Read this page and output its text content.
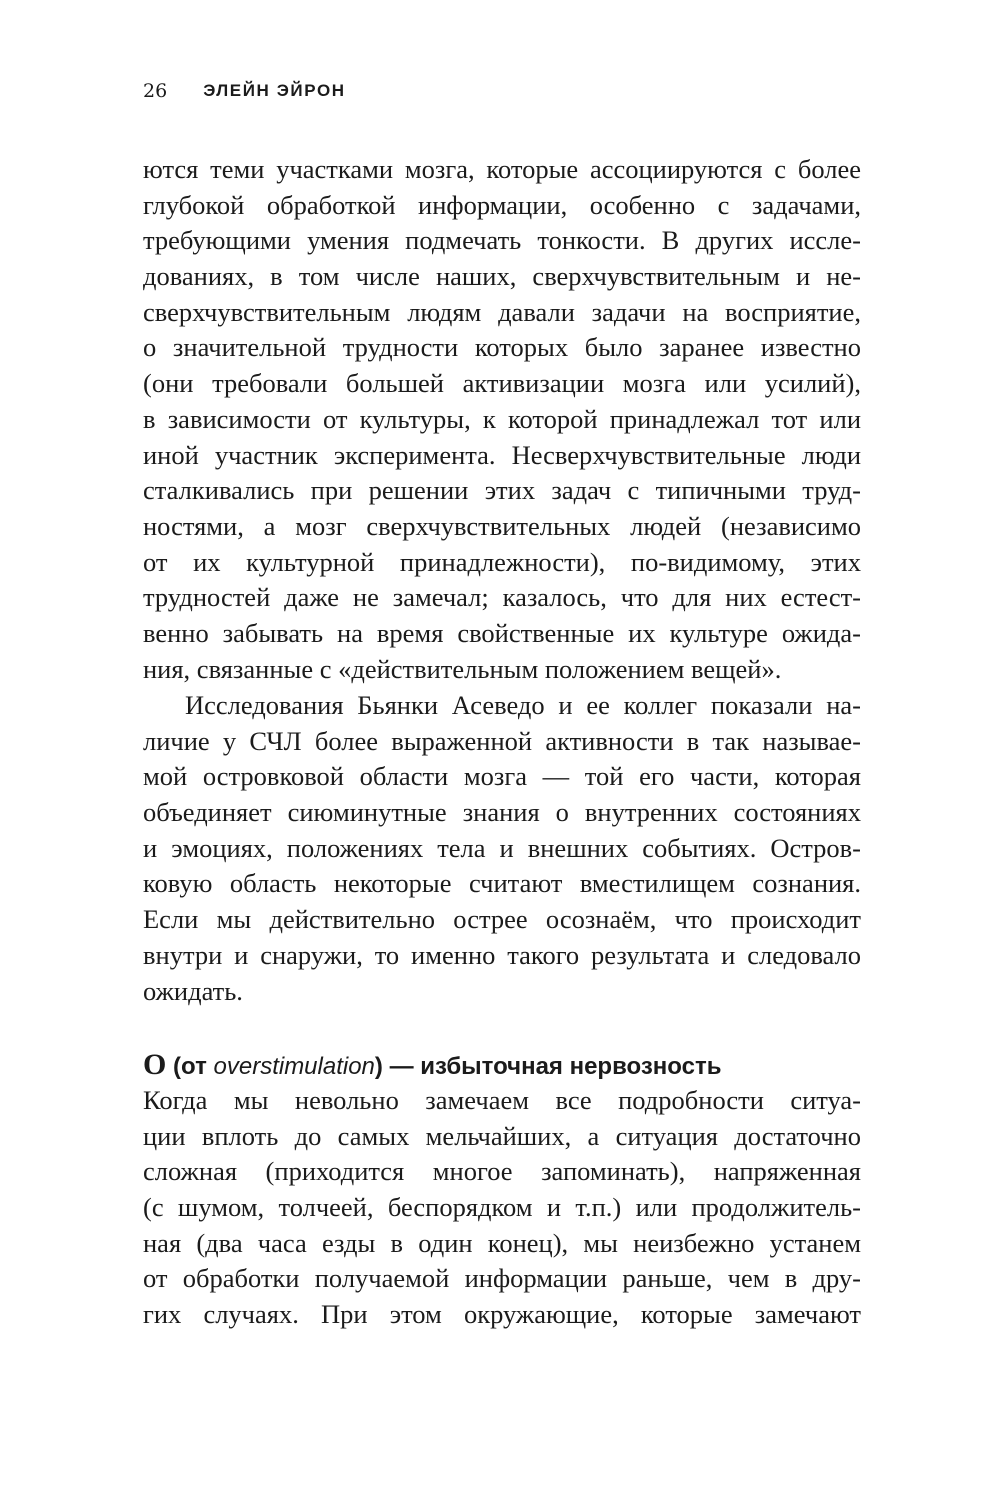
26 ЭЛЕЙН ЭЙРОН
ются теми участками мозга, которые ассоциируются с более
глубокой обработкой информации, особенно с задачами,
требующими умения подмечать тонкости. В других иссле-
дованиях, в том числе наших, сверхчувствительным и не-
сверхчувствительным людям давали задачи на восприятие,
о значительной трудности которых было заранее известно
(они требовали большей активизации мозга или усилий),
в зависимости от культуры, к которой принадлежал тот или
иной участник эксперимента. Несверхчувствительные люди
сталкивались при решении этих задач с типичными труд-
ностями, а мозг сверхчувствительных людей (независимо
от их культурной принадлежности), по-видимому, этих
трудностей даже не замечал; казалось, что для них естест-
венно забывать на время свойственные их культуре ожида-
ния, связанные с «действительным положением вещей».
Исследования Бьянки Асеведо и ее коллег показали на-
личие у СЧЛ более выраженной активности в так называе-
мой островковой области мозга — той его части, которая
объединяет сиюминутные знания о внутренних состояниях
и эмоциях, положениях тела и внешних событиях. Остров-
ковую область некоторые считают вместилищем сознания.
Если мы действительно острее осознаём, что происходит
внутри и снаружи, то именно такого результата и следовало
ожидать.
О (от overstimulation) — избыточная нервозность
Когда мы невольно замечаем все подробности ситуа-
ции вплоть до самых мельчайших, а ситуация достаточно
сложная (приходится многое запоминать), напряженная
(с шумом, толчеей, беспорядком и т.п.) или продолжитель-
ная (два часа езды в один конец), мы неизбежно устанем
от обработки получаемой информации раньше, чем в дру-
гих случаях. При этом окружающие, которые замечают
